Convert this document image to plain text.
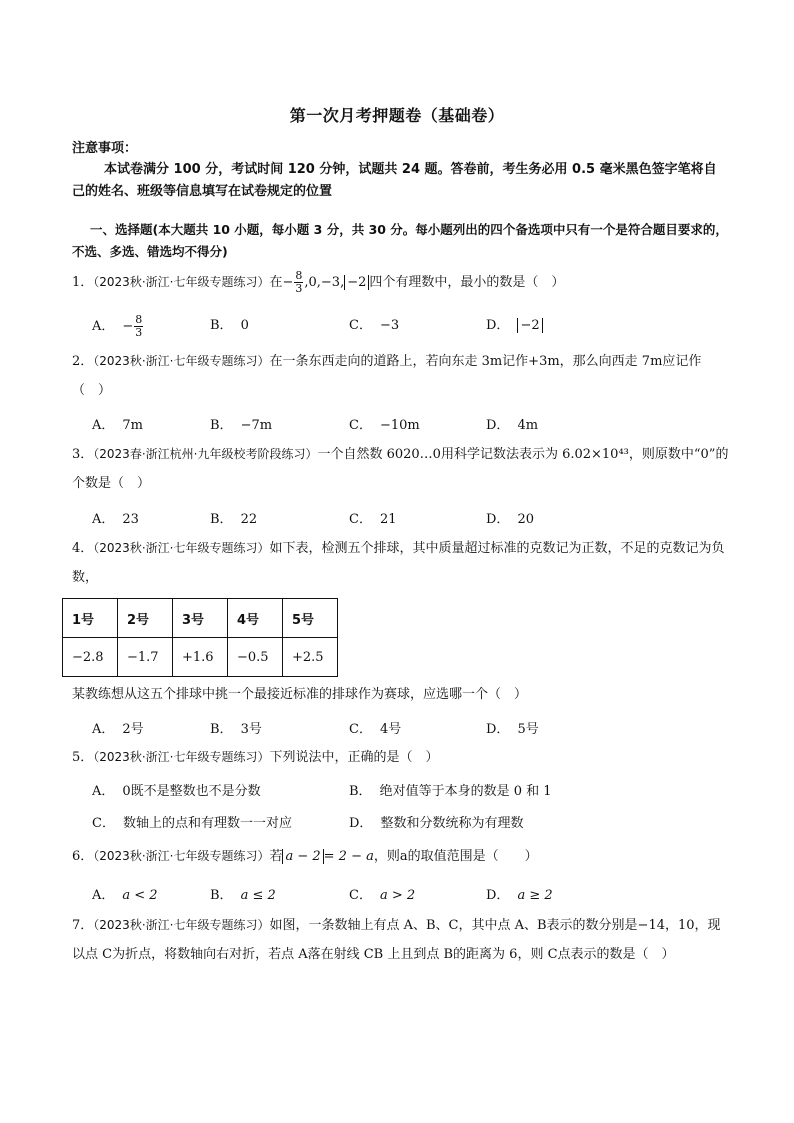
第一次月考押题卷（基础卷）
注意事项：
本试卷满分 100 分，考试时间 120 分钟，试题共 24 题。答卷前，考生务必用 0.5 毫米黑色签字笔将自己的姓名、班级等信息填写在试卷规定的位置
一、选择题(本大题共 10 小题，每小题 3 分，共 30 分。每小题列出的四个备选项中只有一个是符合题目要求的，不选、多选、错选均不得分)
1．（2023秋·浙江·七年级专题练习）在− $\frac{8}{3} ,0,-3$, −2 四个有理数中，最小的数是（　）
A． − $\frac{8}{3}$	B． 0	C． −3	D． −2
2．（2023秋·浙江·七年级专题练习）在一条东西走向的道路上，若向东走 3m记作+3m，那么向西走 7m应记作（　）
A． 7m	B． −7m	C． −10m	D． 4m
3．（2023春·浙江杭州·九年级校考阶段练习）一个自然数 6020…0用科学记数法表示为 6.02×10⁴³，则原数中“0”的个数是（　）
A． 23	B． 22	C． 21	D． 20
4．（2023秋·浙江·七年级专题练习）如下表，检测五个排球，其中质量超过标准的克数记为正数，不足的克数记为负数，
1号	2号	3号	4号	5号
−2.8	−1.7	+1.6	−0.5	+2.5
某教练想从这五个排球中挑一个最接近标准的排球作为赛球，应选哪一个（　）
A． 2号	B． 3号	C． 4号	D． 5号
5．（2023秋·浙江·七年级专题练习）下列说法中，正确的是（　）
A． 0既不是整数也不是分数	B． 绝对值等于本身的数是 0 和 1
C． 数轴上的点和有理数一一对应	D． 整数和分数统称为有理数
6．（2023秋·浙江·七年级专题练习）若 a − 2 = 2 − a，则a的取值范围是（　　）
A． a < 2	B． a ≤ 2	C． a > 2	D． a ≥ 2
7．（2023秋·浙江·七年级专题练习）如图，一条数轴上有点 A、B、C，其中点 A、B表示的数分别是−14，10，现以点 C为折点，将数轴向右对折，若点 A落在射线 CB 上且到点 B的距离为 6，则 C点表示的数是（　）
